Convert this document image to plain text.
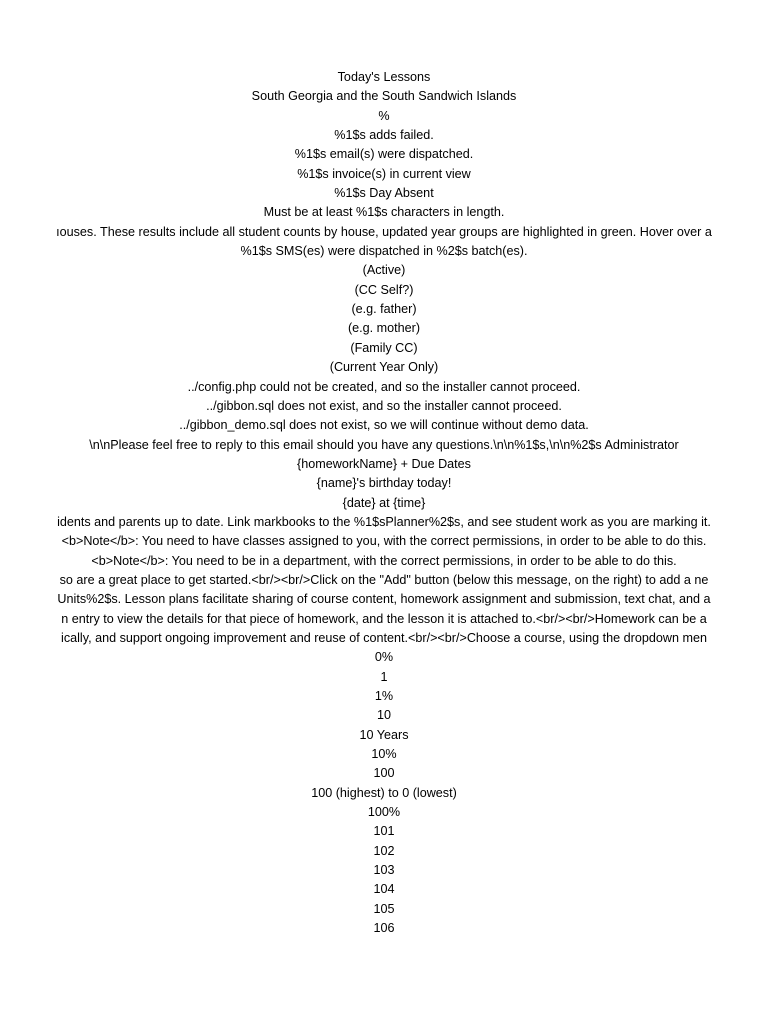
Today's Lessons
South Georgia and the South Sandwich Islands
%
%1$s adds failed.
%1$s email(s) were dispatched.
%1$s invoice(s) in current view
%1$s Day Absent
Must be at least %1$s characters in length.
ıouses. These results include all student counts by house, updated year groups are highlighted in green. Hover over a
%1$s SMS(es) were dispatched in %2$s batch(es).
(Active)
(CC Self?)
(e.g. father)
(e.g. mother)
(Family CC)
(Current Year Only)
../config.php could not be created, and so the installer cannot proceed.
../gibbon.sql does not exist, and so the installer cannot proceed.
../gibbon_demo.sql does not exist, so we will continue without demo data.
\n\nPlease feel free to reply to this email should you have any questions.\n\n%1$s,\n\n%2$s Administrator
{homeworkName} + Due Dates
{name}'s birthday today!
{date} at {time}
idents and parents up to date. Link markbooks to the %1$sPlanner%2$s, and see student work as you are marking it.
<b>Note</b>: You need to have classes assigned to you, with the correct permissions, in order to be able to do this.
<b>Note</b>: You need to be in a department, with the correct permissions, in order to be able to do this.
so are a great place to get started.<br/><br/>Click on the "Add" button (below this message, on the right) to add a ne
Units%2$s. Lesson plans facilitate sharing of course content, homework assignment and submission, text chat, and a
n entry to view the details for that piece of homework, and the lesson it is attached to.<br/><br/>Homework can be a
ically, and support ongoing improvement and reuse of content.<br/><br/>Choose a course, using the dropdown men
0%
1
1%
10
10 Years
10%
100
100 (highest) to 0 (lowest)
100%
101
102
103
104
105
106
